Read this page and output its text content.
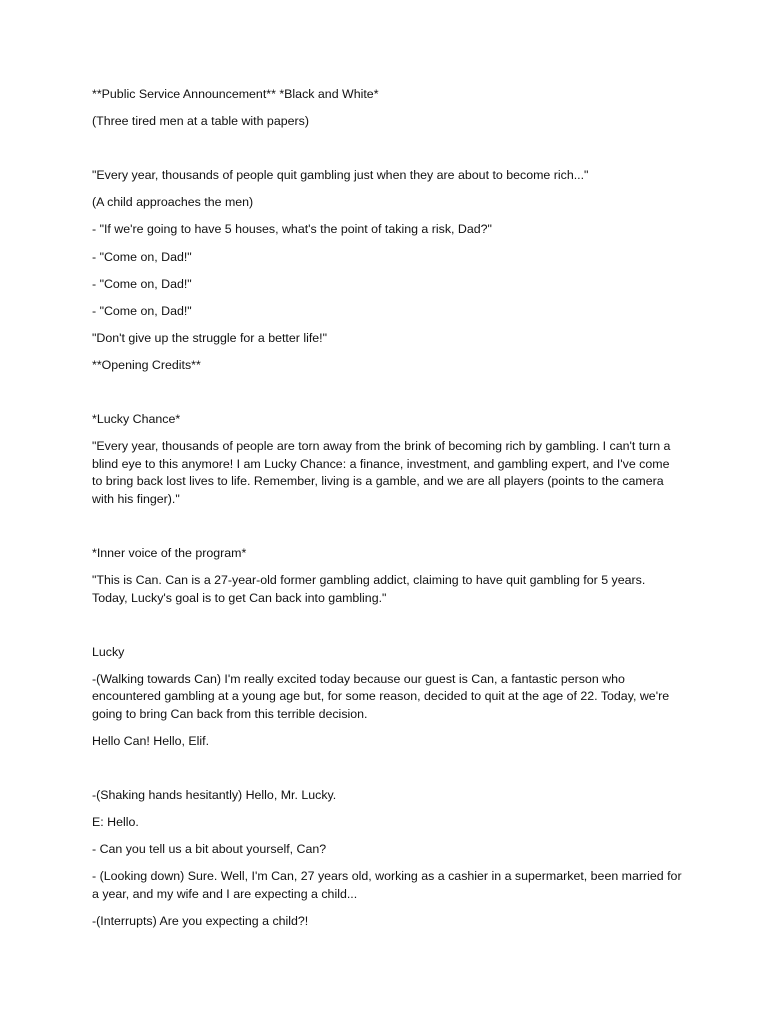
**Public Service Announcement** *Black and White*

(Three tired men at a table with papers)

"Every year, thousands of people quit gambling just when they are about to become rich..."

(A child approaches the men)

- "If we're going to have 5 houses, what's the point of taking a risk, Dad?"

- "Come on, Dad!"

- "Come on, Dad!"

- "Come on, Dad!"

"Don't give up the struggle for a better life!"

**Opening Credits**

*Lucky Chance*

"Every year, thousands of people are torn away from the brink of becoming rich by gambling. I can't turn a blind eye to this anymore! I am Lucky Chance: a finance, investment, and gambling expert, and I've come to bring back lost lives to life. Remember, living is a gamble, and we are all players (points to the camera with his finger)."

*Inner voice of the program*

"This is Can. Can is a 27-year-old former gambling addict, claiming to have quit gambling for 5 years. Today, Lucky's goal is to get Can back into gambling."

Lucky

-(Walking towards Can) I'm really excited today because our guest is Can, a fantastic person who encountered gambling at a young age but, for some reason, decided to quit at the age of 22. Today, we're going to bring Can back from this terrible decision.

Hello Can! Hello, Elif.

-(Shaking hands hesitantly) Hello, Mr. Lucky.

E: Hello.

- Can you tell us a bit about yourself, Can?

- (Looking down) Sure. Well, I'm Can, 27 years old, working as a cashier in a supermarket, been married for a year, and my wife and I are expecting a child...

-(Interrupts) Are you expecting a child?!
